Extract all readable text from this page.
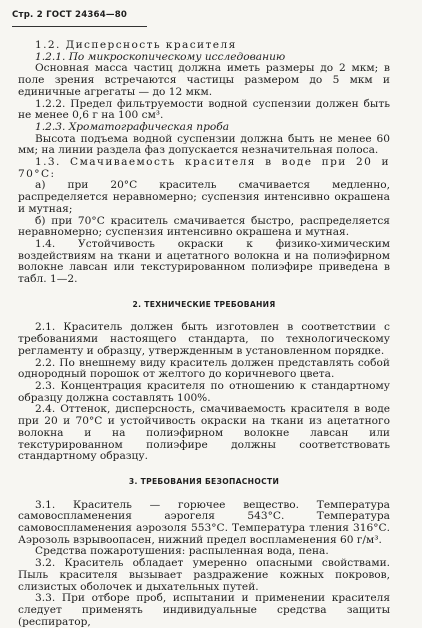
Стр. 2 ГОСТ 24364—80

1.2. Дисперсность красителя

1.2.1. По микроскопическому исследованию

Основная масса частиц должна иметь размеры до 2 мкм; в поле зрения встречаются частицы размером до 5 мкм и единичные агрегаты — до 12 мкм.

1.2.2. Предел фильтруемости водной суспензии должен быть не менее 0,6 г на 100 см³.

1.2.3. Хроматографическая проба

Высота подъема водной суспензии должна быть не менее 60 мм; на линии раздела фаз допускается незначительная полоса.

1.3. Смачиваемость красителя в воде при 20 и 70°С:

а) при 20°С краситель смачивается медленно, распределяется неравномерно; суспензия интенсивно окрашена и мутная;

б) при 70°С краситель смачивается быстро, распределяется неравномерно; суспензия интенсивно окрашена и мутная.

1.4. Устойчивость окраски к физико-химическим воздействиям на ткани и ацетатного волокна и на полиэфирном волокне лавсан или текстурированном полиэфире приведена в табл. 1—2.

2. ТЕХНИЧЕСКИЕ ТРЕБОВАНИЯ

2.1. Краситель должен быть изготовлен в соответствии с требованиями настоящего стандарта, по технологическому регламенту и образцу, утвержденным в установленном порядке.

2.2. По внешнему виду краситель должен представлять собой однородный порошок от желтого до коричневого цвета.

2.3. Концентрация красителя по отношению к стандартному образцу должна составлять 100%.

2.4. Оттенок, дисперсность, смачиваемость красителя в воде при 20 и 70°С и устойчивость окраски на ткани из ацетатного волокна и на полиэфирном волокне лавсан или текстурированном полиэфире должны соответствовать стандартному образцу.

3. ТРЕБОВАНИЯ БЕЗОПАСНОСТИ

3.1. Краситель — горючее вещество. Температура самовоспламенения аэрогеля 543°С. Температура самовоспламенения аэрозоля 553°С. Температура тления 316°С. Аэрозоль взрывоопасен, нижний предел воспламенения 60 г/м³.

Средства пожаротушения: распыленная вода, пена.

3.2. Краситель обладает умеренно опасными свойствами. Пыль красителя вызывает раздражение кожных покровов, слизистых оболочек и дыхательных путей.

3.3. При отборе проб, испытании и применении красителя следует применять индивидуальные средства защиты (респиратор,
